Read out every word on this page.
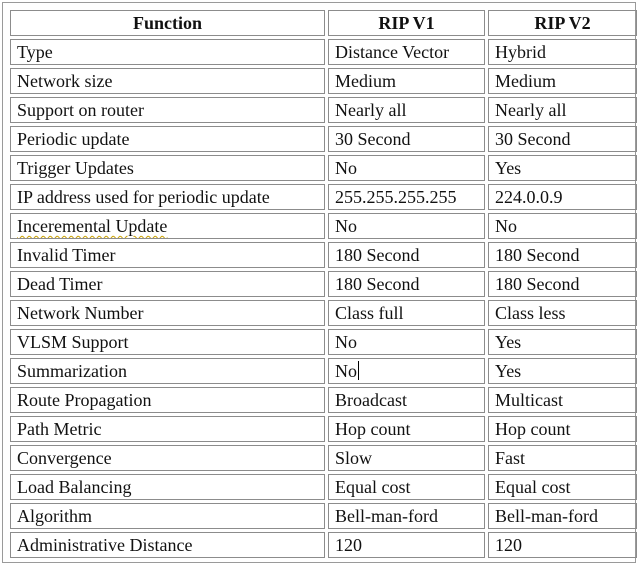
Function	RIP V1	RIP V2
Type	Distance Vector	Hybrid
Network size	Medium	Medium
Support on router	Nearly all	Nearly all
Periodic update	30 Second	30 Second
Trigger Updates	No	Yes
IP address used for periodic update	255.255.255.255	224.0.0.9
Inceremental Update	No	No
Invalid Timer	180 Second	180 Second
Dead Timer	180 Second	180 Second
Network Number	Class full	Class less
VLSM Support	No	Yes
Summarization	No	Yes
Route Propagation	Broadcast	Multicast
Path Metric	Hop count	Hop count
Convergence	Slow	Fast
Load Balancing	Equal cost	Equal cost
Algorithm	Bell-man-ford	Bell-man-ford
Administrative Distance	120	120
